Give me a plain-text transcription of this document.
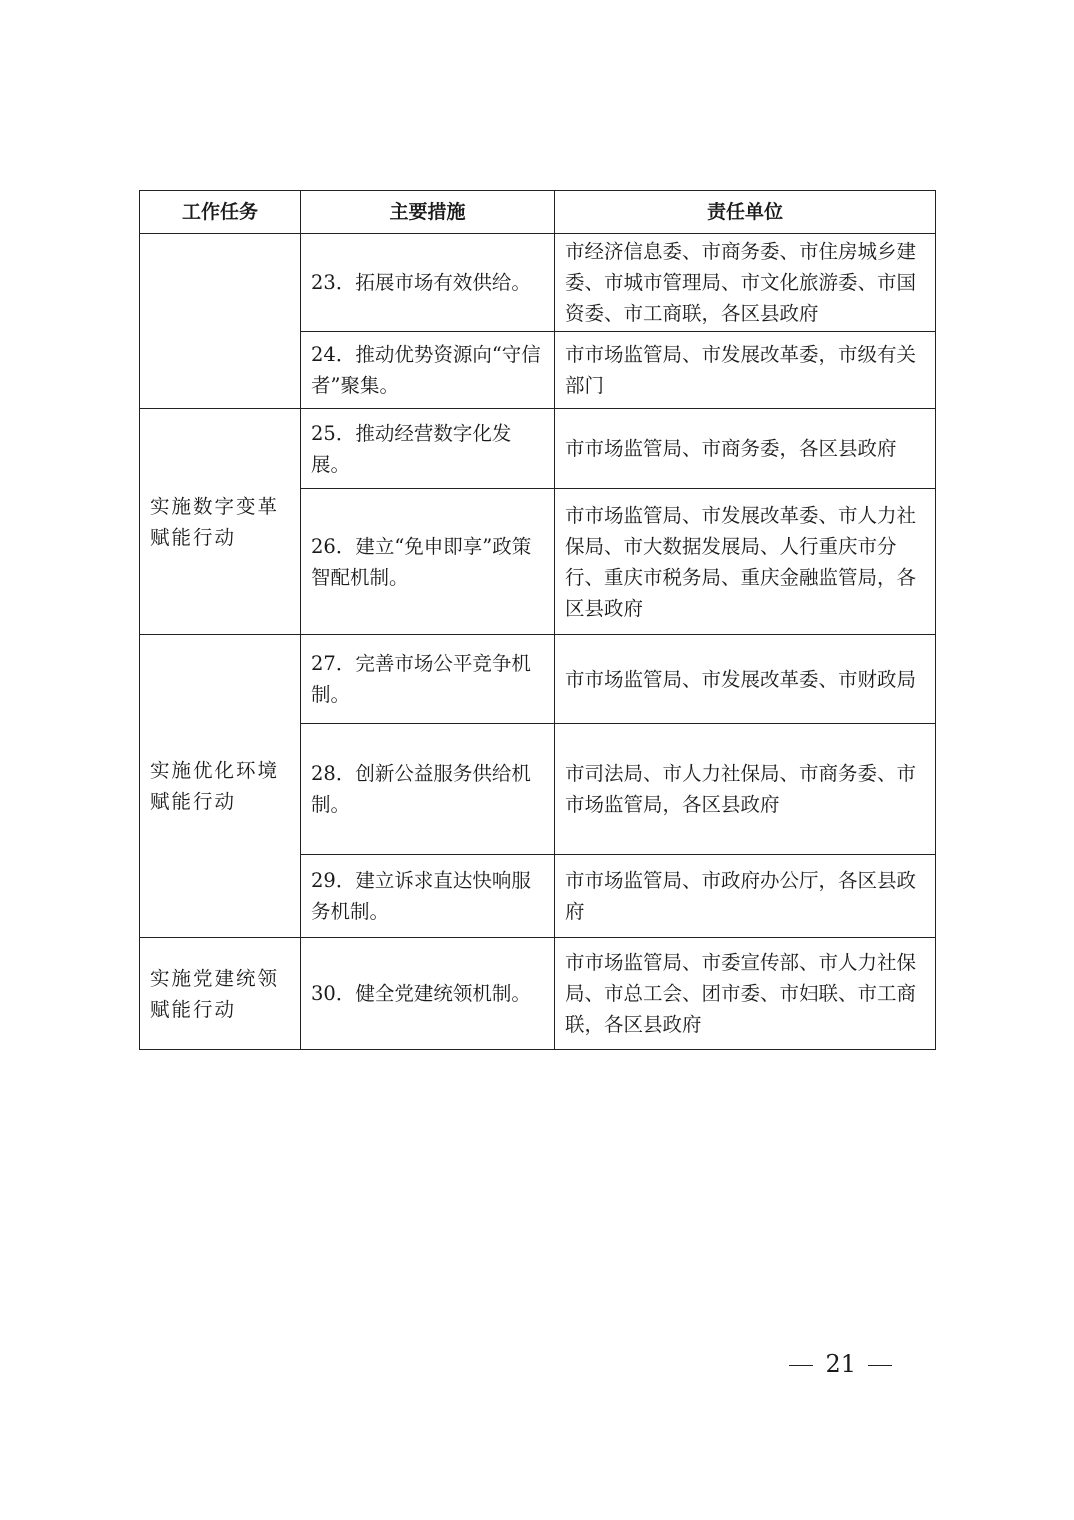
工作任务	主要措施	责任单位
	23．拓展市场有效供给。	市经济信息委、市商务委、市住房城乡建委、市城市管理局、市文化旅游委、市国资委、市工商联，各区县政府
	24．推动优势资源向“守信者”聚集。	市市场监管局、市发展改革委，市级有关部门
实施数字变革赋能行动	25．推动经营数字化发展。	市市场监管局、市商务委，各区县政府
	26．建立“免申即享”政策智配机制。	市市场监管局、市发展改革委、市人力社保局、市大数据发展局、人行重庆市分行、重庆市税务局、重庆金融监管局，各区县政府
实施优化环境赋能行动	27．完善市场公平竞争机制。	市市场监管局、市发展改革委、市财政局
	28．创新公益服务供给机制。	市司法局、市人力社保局、市商务委、市市场监管局，各区县政府
	29．建立诉求直达快响服务机制。	市市场监管局、市政府办公厅，各区县政府
实施党建统领赋能行动	30．健全党建统领机制。	市市场监管局、市委宣传部、市人力社保局、市总工会、团市委、市妇联、市工商联，各区县政府
21
